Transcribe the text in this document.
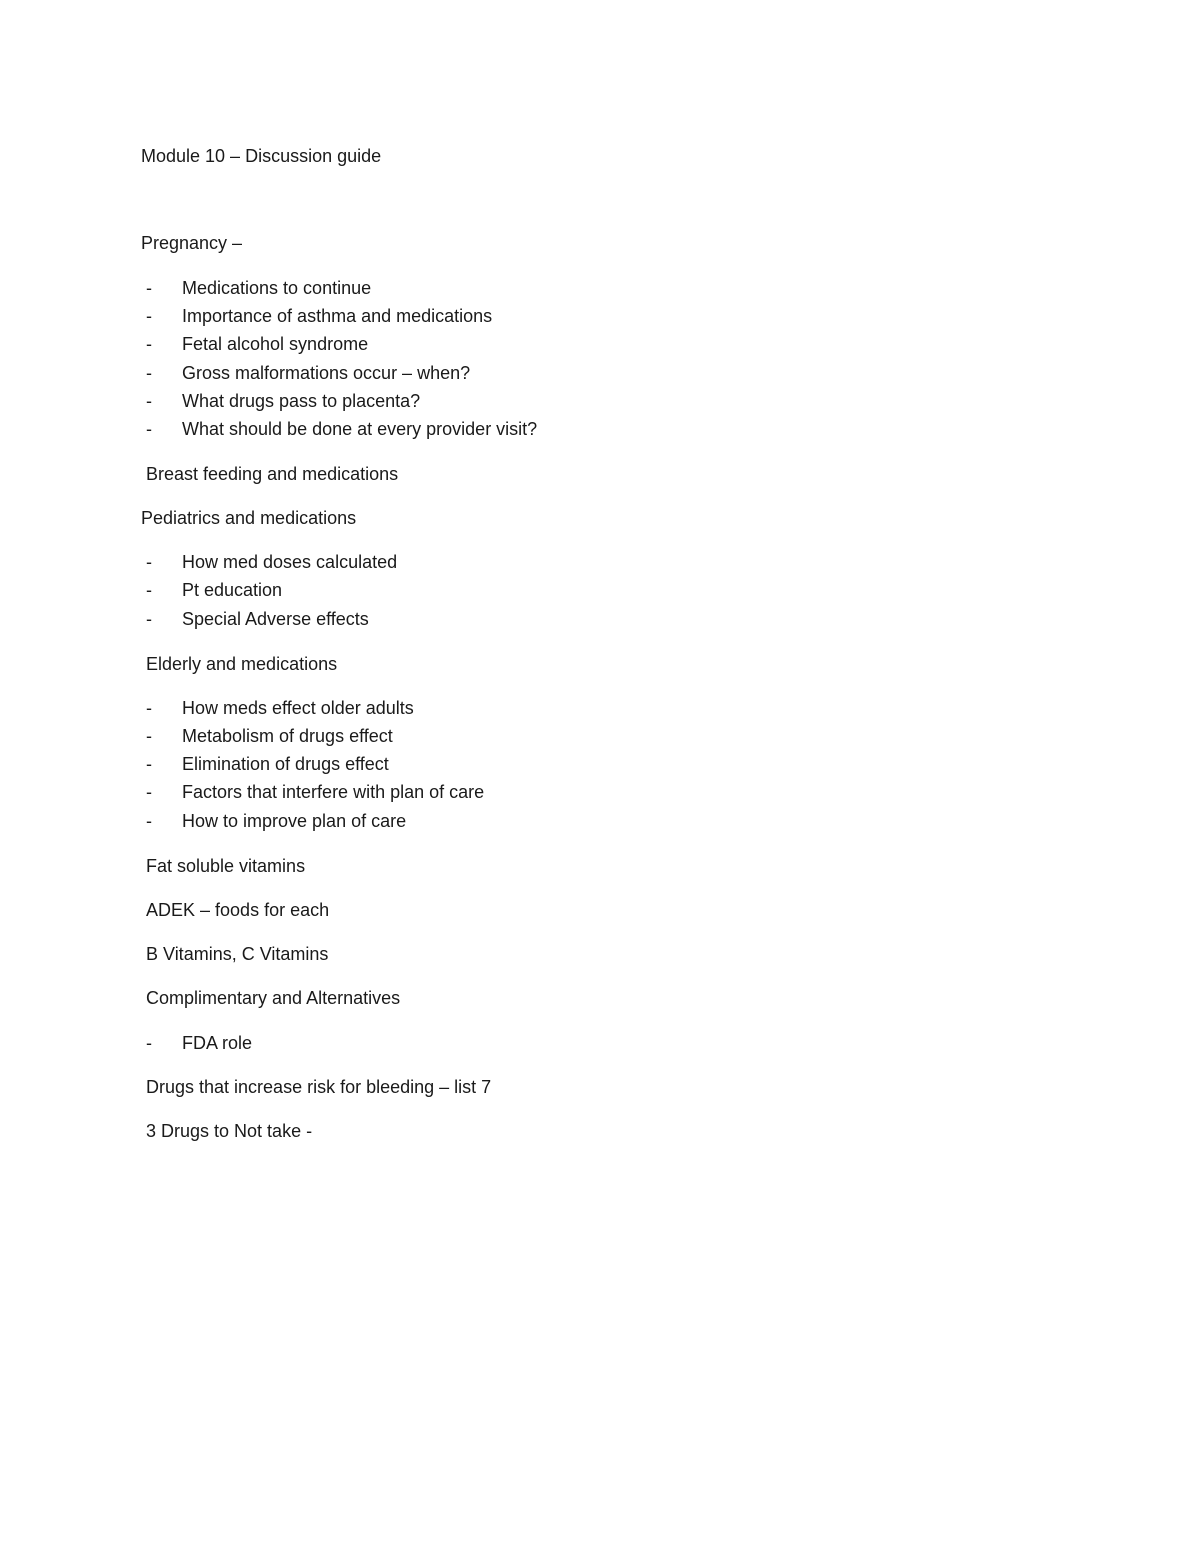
Module 10 – Discussion guide
Pregnancy –
- Medications to continue
- Importance of asthma and medications
- Fetal alcohol syndrome
- Gross malformations occur – when?
- What drugs pass to placenta?
- What should be done at every provider visit?
Breast feeding and medications
Pediatrics and medications
- How med doses calculated
- Pt education
- Special Adverse effects
Elderly and medications
- How meds effect older adults
- Metabolism of drugs effect
- Elimination of drugs effect
- Factors that interfere with plan of care
- How to improve plan of care
Fat soluble vitamins
ADEK – foods for each
B Vitamins, C Vitamins
Complimentary and Alternatives
- FDA role
Drugs that increase risk for bleeding – list 7
3 Drugs to Not take -
